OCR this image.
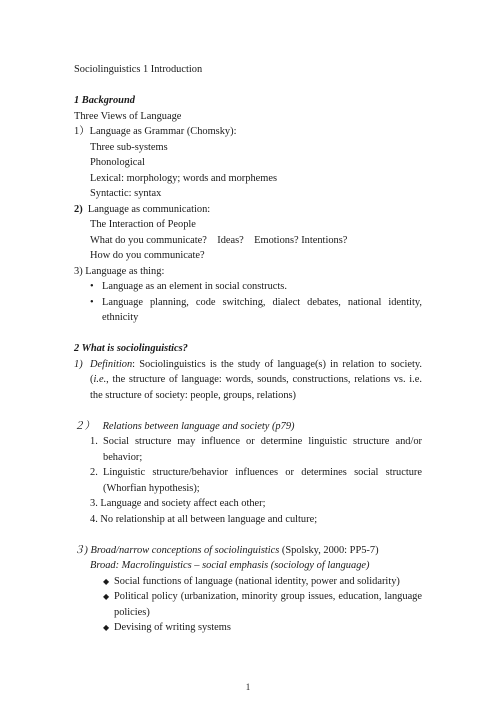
Sociolinguistics 1 Introduction
1 Background
Three Views of Language
1）Language as Grammar (Chomsky):
Three sub-systems
Phonological
Lexical: morphology; words and morphemes
Syntactic: syntax
2) Language as communication:
The Interaction of People
What do you communicate?    Ideas?    Emotions? Intentions?
How do you communicate?
3) Language as thing:
• Language as an element in social constructs.
• Language planning, code switching, dialect debates, national identity, ethnicity
2 What is sociolinguistics?
1) Definition: Sociolinguistics is the study of language(s) in relation to society. (i.e., the structure of language: words, sounds, constructions, relations vs. i.e. the structure of society: people, groups, relations)
２） Relations between language and society (p79)
1. Social structure may influence or determine linguistic structure and/or behavior;
2. Linguistic structure/behavior influences or determines social structure (Whorfian hypothesis);
3. Language and society affect each other;
4. No relationship at all between language and culture;
３) Broad/narrow conceptions of sociolinguistics (Spolsky, 2000: PP5-7)
Broad: Macrolinguistics – social emphasis (sociology of language)
◆ Social functions of language (national identity, power and solidarity)
◆ Political policy (urbanization, minority group issues, education, language policies)
◆ Devising of writing systems
1
